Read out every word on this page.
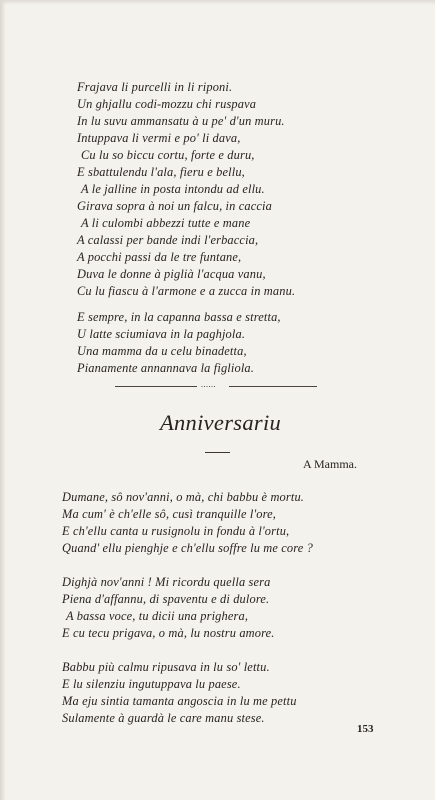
Frajava li purcelli in li riponi.
Un ghjallu codi-mozzu chi ruspava
In lu suvu ammansatu à u pe' d'un muru.
Intuppava li vermi e po' li dava,
Cu lu so biccu cortu, forte e duru,
E sbattulendu l'ala, fieru e bellu,
A le jalline in posta intondu ad ellu.
Girava sopra à noi un falcu, in caccia
A li culombi abbezzi tutte e mane
A calassi per bande indi l'erbaccia,
A pocchi passi da le tre funtane,
Duva le donne à piglià l'acqua vanu,
Cu lu fiascu à l'armone e a zucca in manu.
E sempre, in la capanna bassa e stretta,
U latte sciumiava in la paghjola.
Una mamma da u celu binadetta,
Pianamente annannava la figliola.
......
Anniversariu
A Mamma.
Dumane, sô nov'anni, o mà, chi babbu è mortu.
Ma cum' è ch'elle sô, cusì tranquille l'ore,
E ch'ellu canta u rusignolu in fondu à l'ortu,
Quand' ellu pienghje e ch'ellu soffre lu me core ?
Dighjà nov'anni ! Mi ricordu quella sera
Piena d'affannu, di spaventu e di dulore.
A bassa voce, tu dicii una prighera,
E cu tecu prigava, o mà, lu nostru amore.
Babbu più calmu ripusava in lu so' lettu.
E lu silenziu ingutuppava lu paese.
Ma eju sintia tamanta angoscia in lu me pettu
Sulamente à guardà le care manu stese.
153
